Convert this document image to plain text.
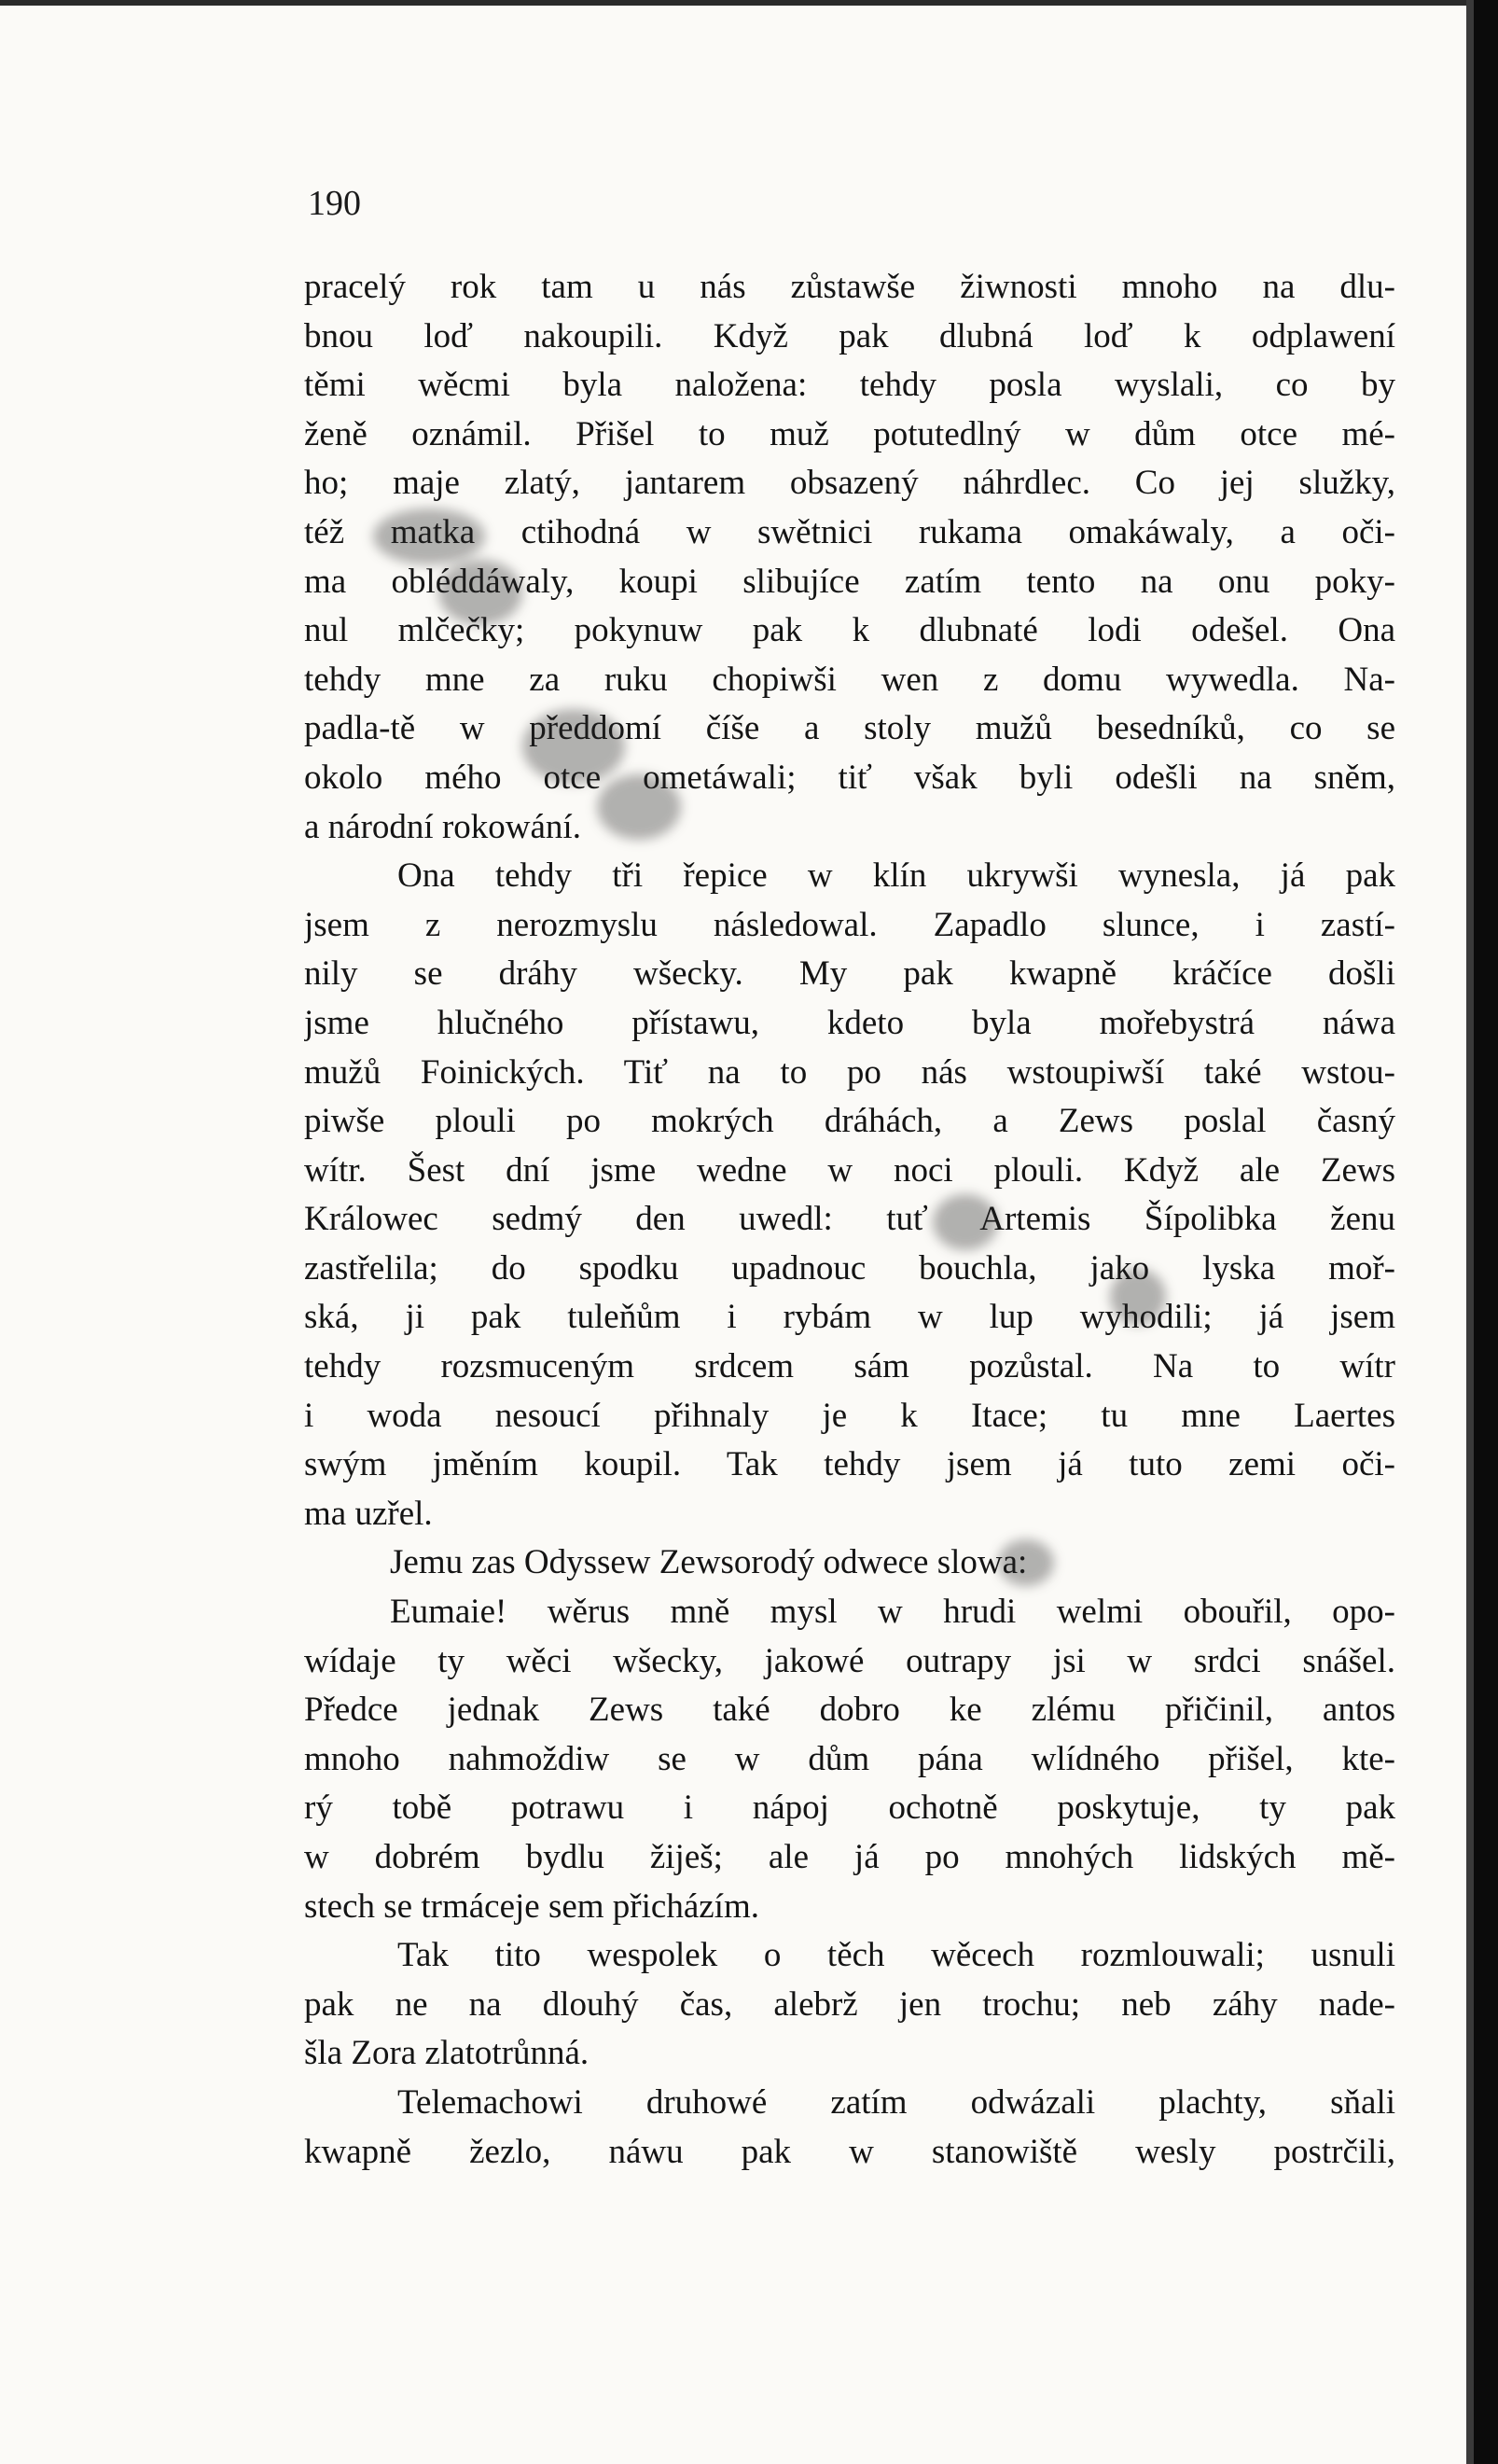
190
pracelý rok tam u nás zůstawše žiwnosti mnoho na dlu-
bnou loď nakoupili. Když pak dlubná loď k odplawení
těmi wěcmi byla naložena: tehdy posla wyslali, co by
ženě oznámil. Přišel to muž potutedlný w dům otce mé-
ho; maje zlatý, jantarem obsazený náhrdlec. Co jej služky,
též matka ctihodná w swětnici rukama omakáwaly, a oči-
ma obléddáwaly, koupi slibujíce zatím tento na onu poky-
nul mlčečky; pokynuw pak k dlubnaté lodi odešel. Ona
tehdy mne za ruku chopiwši wen z domu wywedla. Na-
padla-tě w předdomí číše a stoly mužů besedníků, co se
okolo mého otce ometáwali; tiť však byli odešli na sněm,
a národní rokowání.
Ona tehdy tři řepice w klín ukrywši wynesla, já pak
jsem z nerozmyslu následowal. Zapadlo slunce, i zastí-
nily se dráhy wšecky. My pak kwapně kráčíce došli
jsme hlučného přístawu, kdeto byla mořebystrá náwa
mužů Foinických. Tiť na to po nás wstoupiwší také wstou-
piwše plouli po mokrých dráhách, a Zews poslal časný
wítr. Šest dní jsme wedne w noci plouli. Když ale Zews
Králowec sedmý den uwedl: tuť Artemis Šípolibka ženu
zastřelila; do spodku upadnouc bouchla, jako lyska moř-
ská, ji pak tuleňům i rybám w lup wyhodili; já jsem
tehdy rozsmuceným srdcem sám pozůstal. Na to wítr
i woda nesoucí přihnaly je k Itace; tu mne Laertes
swým jměním koupil. Tak tehdy jsem já tuto zemi oči-
ma uzřel.
Jemu zas Odyssew Zewsorodý odwece slowa:
Eumaie! wěrus mně mysl w hrudi welmi obouřil, opo-
wídaje ty wěci wšecky, jakowé outrapy jsi w srdci snášel.
Předce jednak Zews také dobro ke zlému přičinil, antos
mnoho nahmoždiw se w dům pána wlídného přišel, kte-
rý tobě potrawu i nápoj ochotně poskytuje, ty pak
w dobrém bydlu žiješ; ale já po mnohých lidských mě-
stech se trmáceje sem přicházím.
Tak tito wespolek o těch wěcech rozmlouwali; usnuli
pak ne na dlouhý čas, alebrž jen trochu; neb záhy nade-
šla Zora zlatotrůnná.
Telemachowi druhowé zatím odwázali plachty, sňali
kwapně žezlo, náwu pak w stanowiště wesly postrčili,
